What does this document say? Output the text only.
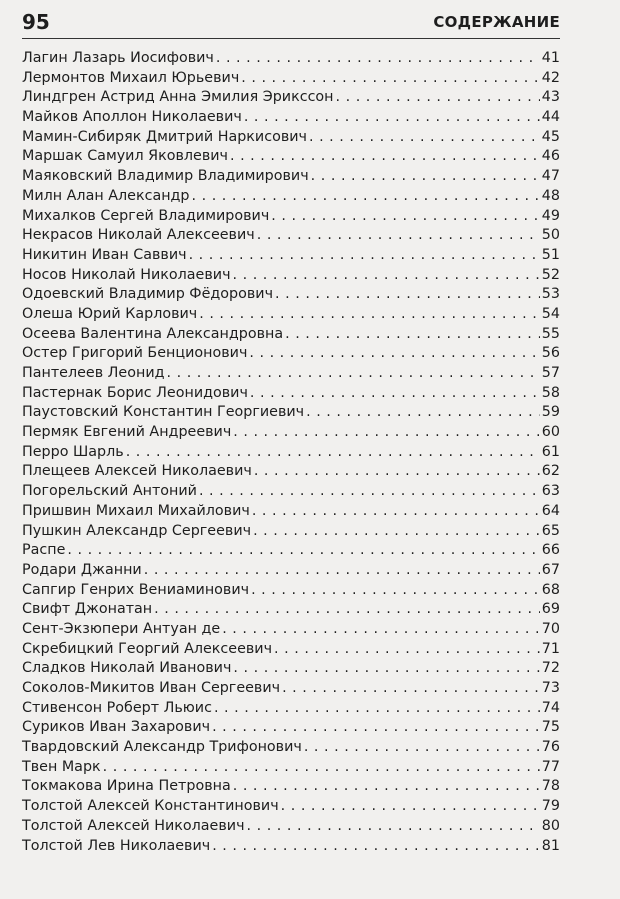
95	СОДЕРЖАНИЕ
Лагин Лазарь Иосифович . . .	41
Лермонтов Михаил Юрьевич . . .	42
Линдгрен Астрид Анна Эмилия Эрикссон . . .	43
Майков Аполлон Николаевич . . .	44
Мамин-Сибиряк Дмитрий Наркисович . . .	45
Маршак Самуил Яковлевич . . .	46
Маяковский Владимир Владимирович . . .	47
Милн Алан Александр . . .	48
Михалков Сергей Владимирович . . .	49
Некрасов Николай Алексеевич . . .	50
Никитин Иван Саввич . . .	51
Носов Николай Николаевич . . .	52
Одоевский Владимир Фёдорович . . .	53
Олеша Юрий Карлович . . .	54
Осеева Валентина Александровна . . .	55
Остер Григорий Бенционович . . .	56
Пантелеев Леонид . . .	57
Пастернак Борис Леонидович . . .	58
Паустовский Константин Георгиевич . . .	59
Пермяк Евгений Андреевич . . .	60
Перро Шарль . . .	61
Плещеев Алексей Николаевич . . .	62
Погорельский Антоний . . .	63
Пришвин Михаил Михайлович . . .	64
Пушкин Александр Сергеевич . . .	65
Распе . . .	66
Родари Джанни . . .	67
Сапгир Генрих Вениаминович . . .	68
Свифт Джонатан . . .	69
Сент-Экзюпери Антуан де . . .	70
Скребицкий Георгий Алексеевич . . .	71
Сладков Николай Иванович . . .	72
Соколов-Микитов Иван Сергеевич . . .	73
Стивенсон Роберт Льюис . . .	74
Суриков Иван Захарович . . .	75
Твардовский Александр Трифонович . . .	76
Твен Марк . . .	77
Токмакова Ирина Петровна . . .	78
Толстой Алексей Константинович . . .	79
Толстой Алексей Николаевич . . .	80
Толстой Лев Николаевич . . .	81
